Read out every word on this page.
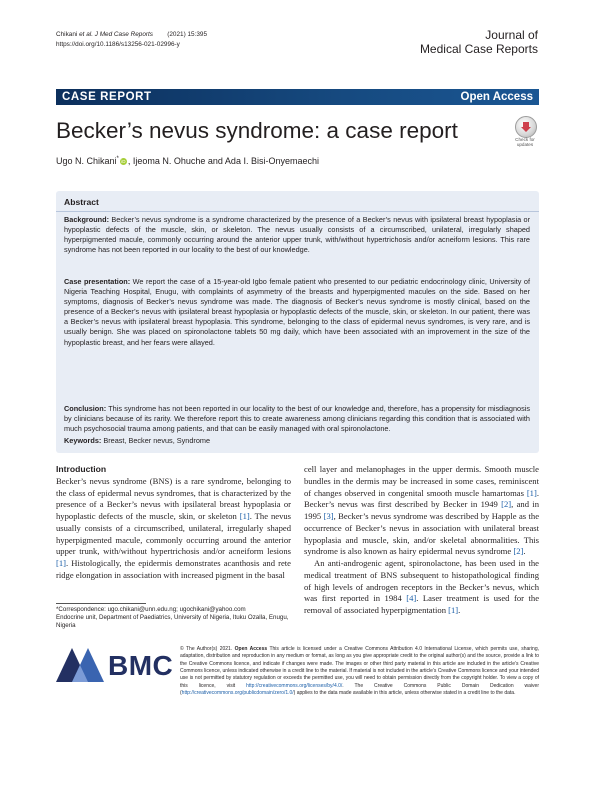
Chikani et al. J Med Case Reports (2021) 15:395
https://doi.org/10.1186/s13256-021-02996-y
Journal of
Medical Case Reports
CASE REPORT	Open Access
Becker’s nevus syndrome: a case report	Check for
updates
Ugo N. Chikani* iD , Ijeoma N. Ohuche and Ada I. Bisi-Onyemaechi
Abstract
Background: Becker’s nevus syndrome is a syndrome characterized by the presence of a Becker’s nevus with ipsilateral breast hypoplasia or hypoplastic defects of the muscle, skin, or skeleton. The nevus usually consists of a circumscribed, unilateral, irregularly shaped hyperpigmented macule, commonly occurring around the anterior upper trunk, with/without hypertrichosis and/or acneiform lesions. This rare syndrome has not been reported in our locality to the best of our knowledge.
Case presentation: We report the case of a 15-year-old Igbo female patient who presented to our pediatric endocrinology clinic, University of Nigeria Teaching Hospital, Enugu, with complaints of asymmetry of the breasts and hyperpigmented macules on the side. Based on her symptoms, diagnosis of Becker’s nevus syndrome was made. The diagnosis of Becker’s nevus syndrome is mostly clinical, based on the presence of a Becker’s nevus with ipsilateral breast hypoplasia or hypoplastic defects of the muscle, skin, or skeleton. In our patient, there was a Becker’s nevus with ipsilateral breast hypoplasia. This syndrome, belonging to the class of epidermal nevus syndromes, is very rare, and is usually benign. She was placed on spironolactone tablets 50 mg daily, which have been associated with an improvement in the size of the hypoplastic breast, and her fears were allayed.
Conclusion: This syndrome has not been reported in our locality to the best of our knowledge and, therefore, has a propensity for misdiagnosis by clinicians because of its rarity. We therefore report this to create awareness among clinicians regarding this condition that is associated with much psychosocial trauma among patients, and that can be easily managed with oral spironolactone.
Keywords: Breast, Becker nevus, Syndrome
Introduction

Becker’s nevus syndrome (BNS) is a rare syndrome, belonging to the class of epidermal nevus syndromes, that is characterized by the presence of a Becker’s nevus with ipsilateral breast hypoplasia or hypoplastic defects of the muscle, skin, or skeleton [1]. The nevus usually consists of a circumscribed, unilateral, irregularly shaped hyperpigmented macule, commonly occurring around the anterior upper trunk, with/without hypertrichosis and/or acneiform lesions [1]. Histologically, the epidermis demonstrates acanthosis and rete ridge elongation in association with increased pigment in the basal

cell layer and melanophages in the upper dermis. Smooth muscle bundles in the dermis may be increased in some cases, reminiscent of changes observed in congenital smooth muscle hamartomas [1]. Becker’s nevus was first described by Becker in 1949 [2], and in 1995 [3], Becker’s nevus syndrome was described by Happle as the occurrence of Becker’s nevus in association with unilateral breast hypoplasia and muscle, skin, and/or skeletal abnormalities. This syndrome is also known as hairy epidermal nevus syndrome [2].

An anti-androgenic agent, spironolactone, has been used in the medical treatment of BNS subsequent to histopathological finding of high levels of androgen receptors in the Becker’s nevus, which was first reported in 1984 [4]. Laser treatment is used for the removal of associated hyperpigmentation [1].

*Correspondence: ugo.chikani@unn.edu.ng; ugochikani@yahoo.com
Endocrine unit, Department of Paediatrics, University of Nigeria, Ituku Ozalla, Enugu, Nigeria
BMC
© The Author(s) 2021. Open Access This article is licensed under a Creative Commons Attribution 4.0 International License, which permits use, sharing, adaptation, distribution and reproduction in any medium or format, as long as you give appropriate credit to the original author(s) and the source, provide a link to the Creative Commons licence, and indicate if changes were made. The images or other third party material in this article are included in the article’s Creative Commons licence, unless indicated otherwise in a credit line to the material. If material is not included in the article’s Creative Commons licence and your intended use is not permitted by statutory regulation or exceeds the permitted use, you will need to obtain permission directly from the copyright holder. To view a copy of this licence, visit http://creativecommons.org/licenses/by/4.0/. The Creative Commons Public Domain Dedication waiver (http://creativecommons.org/publicdomain/zero/1.0/) applies to the data made available in this article, unless otherwise stated in a credit line to the data.
